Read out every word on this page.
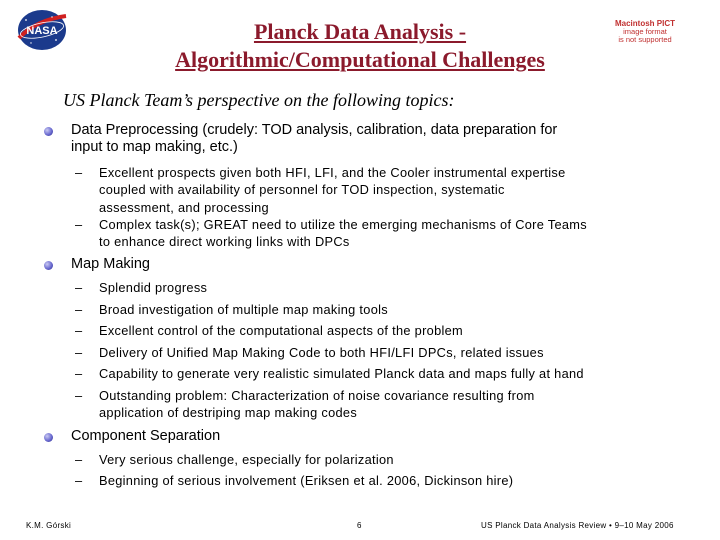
NASA
Macintosh PICT
image format
is not supported
Planck Data Analysis -
Algorithmic/Computational Challenges
US Planck Team’s perspective on the following topics:
Data Preprocessing (crudely: TOD analysis, calibration, data preparation for
input to map making, etc.)
– Excellent prospects given both HFI, LFI, and the Cooler instrumental expertise
coupled with availability of personnel for TOD inspection, systematic
assessment, and processing
– Complex task(s); GREAT need to utilize the emerging mechanisms of Core Teams
to enhance direct working links with DPCs
Map Making
– Splendid progress
– Broad investigation of multiple map making tools
– Excellent control of the computational aspects of the problem
– Delivery of Unified Map Making Code to both HFI/LFI DPCs, related issues
– Capability to generate very realistic simulated Planck data and maps fully at hand
– Outstanding problem: Characterization of noise covariance resulting from
application of destriping map making codes
Component Separation
– Very serious challenge, especially for polarization
– Beginning of serious involvement (Eriksen et al. 2006, Dickinson hire)
K.M. Górski	6	US Planck Data Analysis Review • 9–10 May 2006
